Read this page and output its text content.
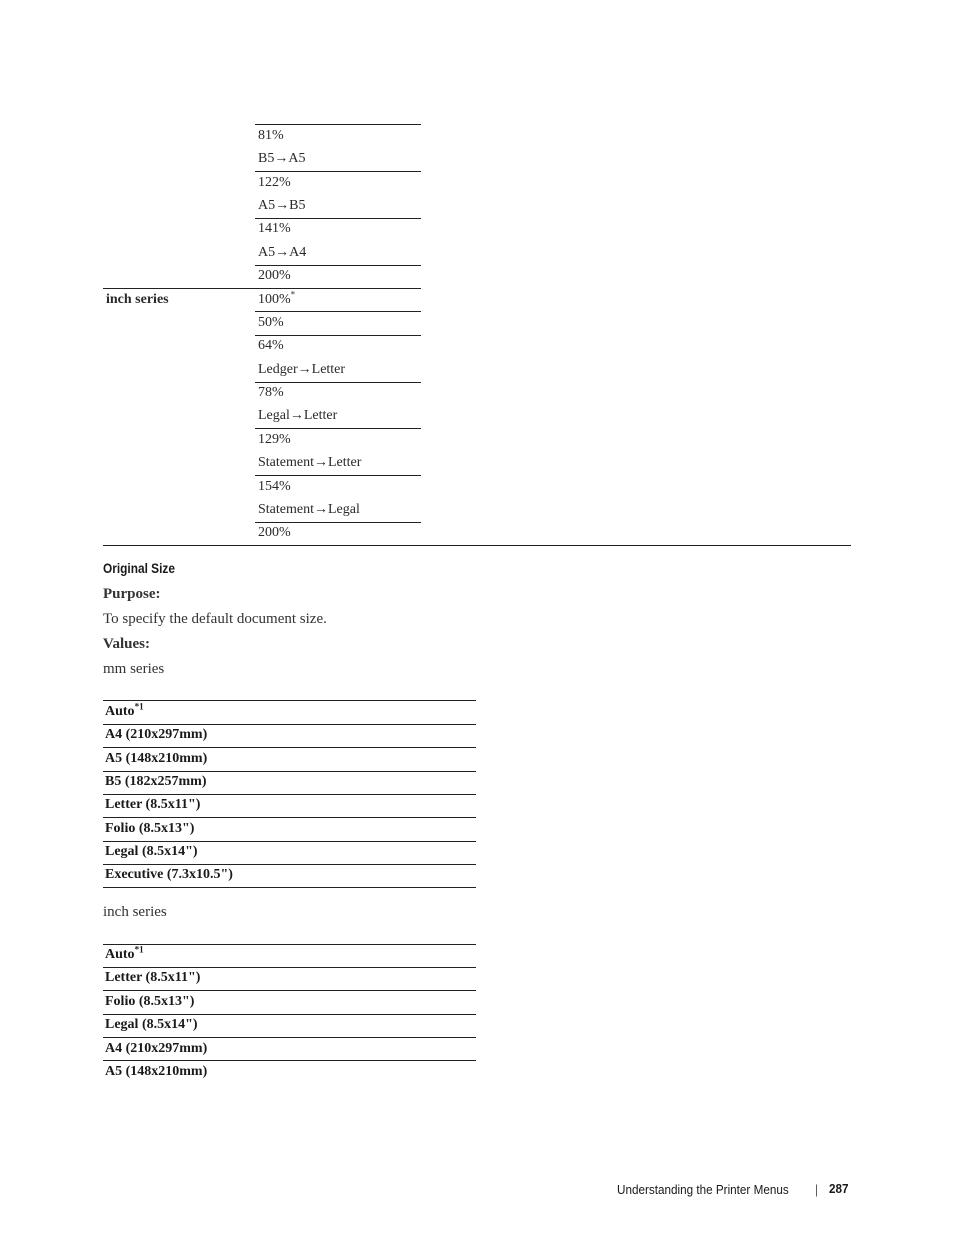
81%
B5→A5
122%
A5→B5
141%
A5→A4
200%
inch series	100%*
50%
64%
Ledger→Letter
78%
Legal→Letter
129%
Statement→Letter
154%
Statement→Legal
200%
Original Size
Purpose:
To specify the default document size.
Values:
mm series
Auto$^{*1}$
A4 (210x297mm)
A5 (148x210mm)
B5 (182x257mm)
Letter (8.5x11")
Folio (8.5x13")
Legal (8.5x14")
Executive (7.3x10.5")
inch series
Auto$^{*1}$
Letter (8.5x11")
Folio (8.5x13")
Legal (8.5x14")
A4 (210x297mm)
A5 (148x210mm)
Understanding the Printer Menus | 287
